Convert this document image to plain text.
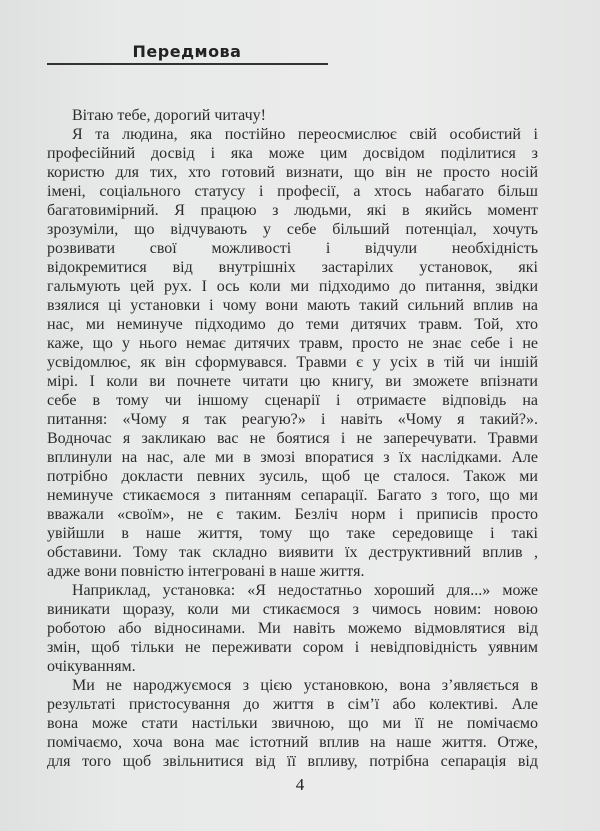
Передмова
Вітаю тебе, дорогий читачу!
Я та людина, яка постійно переосмислює свій особистий і
професійний досвід і яка може цим досвідом поділитися з
користю для тих, хто готовий визнати, що він не просто носій
імені, соціального статусу і професії, а хтось набагато більш
багатовимірний. Я працюю з людьми, які в якийсь момент
зрозуміли, що відчувають у себе більший потенціал, хочуть
розвивати свої можливості і відчули необхідність
відокремитися від внутрішніх застарілих установок, які
гальмують цей рух. І ось коли ми підходимо до питання, звідки
взялися ці установки і чому вони мають такий сильний вплив на
нас, ми неминуче підходимо до теми дитячих травм. Той, хто
каже, що у нього немає дитячих травм, просто не знає себе і не
усвідомлює, як він сформувався. Травми є у усіх в тій чи іншій
мірі. І коли ви почнете читати цю книгу, ви зможете впізнати
себе в тому чи іншому сценарії і отримаєте відповідь на
питання: «Чому я так реагую?» і навіть «Чому я такий?».
Водночас я закликаю вас не боятися і не заперечувати. Травми
вплинули на нас, але ми в змозі впоратися з їх наслідками. Але
потрібно докласти певних зусиль, щоб це сталося. Також ми
неминуче стикаємося з питанням сепарації. Багато з того, що ми
вважали «своїм», не є таким. Безліч норм і приписів просто
увійшли в наше життя, тому що таке середовище і такі
обставини. Тому так складно виявити їх деструктивний вплив ,
адже вони повністю інтегровані в наше життя.
Наприклад, установка: «Я недостатньо хороший для...» може
виникати щоразу, коли ми стикаємося з чимось новим: новою
роботою або відносинами. Ми навіть можемо відмовлятися від
змін, щоб тільки не переживати сором і невідповідність уявним
очікуванням.
Ми не народжуємося з цією установкою, вона з’являється в
результаті пристосування до життя в сім’ї або колективі. Але
вона може стати настільки звичною, що ми її не помічаємо
помічаємо, хоча вона має істотний вплив на наше життя. Отже,
для того щоб звільнитися від її впливу, потрібна сепарація від
4
